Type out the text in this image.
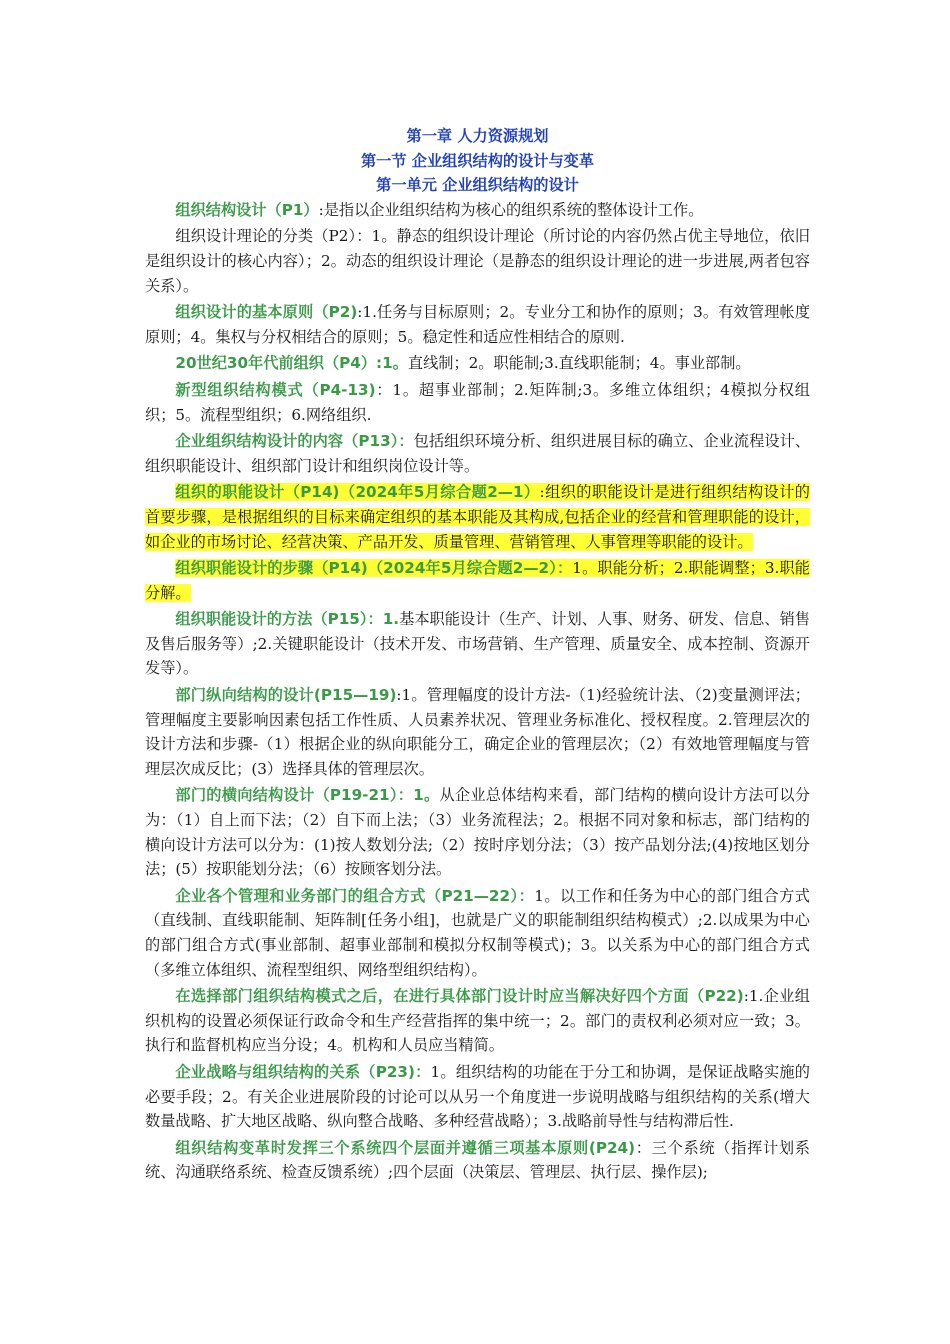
第一章 人力资源规划
第一节 企业组织结构的设计与变革
第一单元 企业组织结构的设计

组织结构设计（P1）:是指以企业组织结构为核心的组织系统的整体设计工作。

组织设计理论的分类（P2）：1。静态的组织设计理论（所讨论的内容仍然占优主导地位，依旧是组织设计的核心内容）；2。动态的组织设计理论（是静态的组织设计理论的进一步进展,两者包容关系）。

组织设计的基本原则（P2):1.任务与目标原则；2。专业分工和协作的原则；3。有效管理帐度原则；4。集权与分权相结合的原则；5。稳定性和适应性相结合的原则.

20世纪30年代前组织（P4）:1。直线制；2。职能制;3.直线职能制；4。事业部制。

新型组织结构模式（P4-13)：1。超事业部制；2.矩阵制;3。多维立体组织；4模拟分权组织；5。流程型组织；6.网络组织.

企业组织结构设计的内容（P13）：包括组织环境分析、组织进展目标的确立、企业流程设计、组织职能设计、组织部门设计和组织岗位设计等。

组织的职能设计（P14)（2024年5月综合题2—1）:组织的职能设计是进行组织结构设计的首要步骤，是根据组织的目标来确定组织的基本职能及其构成,包括企业的经营和管理职能的设计，如企业的市场讨论、经营决策、产品开发、质量管理、营销管理、人事管理等职能的设计。

组织职能设计的步骤（P14)（2024年5月综合题2—2）：1。职能分析；2.职能调整；3.职能分解。

组织职能设计的方法（P15）：1.基本职能设计（生产、计划、人事、财务、研发、信息、销售及售后服务等）;2.关键职能设计（技术开发、市场营销、生产管理、质量安全、成本控制、资源开发等）。

部门纵向结构的设计(P15—19):1。管理幅度的设计方法-（1)经验统计法、（2)变量测评法；管理幅度主要影响因素包括工作性质、人员素养状况、管理业务标准化、授权程度。2.管理层次的设计方法和步骤-（1）根据企业的纵向职能分工，确定企业的管理层次；（2）有效地管理幅度与管理层次成反比；(3）选择具体的管理层次。

部门的横向结构设计（P19-21）：1。从企业总体结构来看，部门结构的横向设计方法可以分为：（1）自上而下法；（2）自下而上法；（3）业务流程法；2。根据不同对象和标志，部门结构的横向设计方法可以分为：(1)按人数划分法;（2）按时序划分法；（3）按产品划分法;(4)按地区划分法；(5）按职能划分法；（6）按顾客划分法。

企业各个管理和业务部门的组合方式（P21—22）：1。以工作和任务为中心的部门组合方式（直线制、直线职能制、矩阵制[任务小组]，也就是广义的职能制组织结构模式）;2.以成果为中心的部门组合方式(事业部制、超事业部制和模拟分权制等模式)；3。以关系为中心的部门组合方式（多维立体组织、流程型组织、网络型组织结构）。

在选择部门组织结构模式之后，在进行具体部门设计时应当解决好四个方面（P22):1.企业组织机构的设置必须保证行政命令和生产经营指挥的集中统一；2。部门的责权利必须对应一致；3。执行和监督机构应当分设；4。机构和人员应当精简。

企业战略与组织结构的关系（P23)：1。组织结构的功能在于分工和协调，是保证战略实施的必要手段；2。有关企业进展阶段的讨论可以从另一个角度进一步说明战略与组织结构的关系(增大数量战略、扩大地区战略、纵向整合战略、多种经营战略）；3.战略前导性与结构滞后性.

组织结构变革时发挥三个系统四个层面并遵循三项基本原则(P24)：三个系统（指挥计划系统、沟通联络系统、检查反馈系统）;四个层面（决策层、管理层、执行层、操作层);
